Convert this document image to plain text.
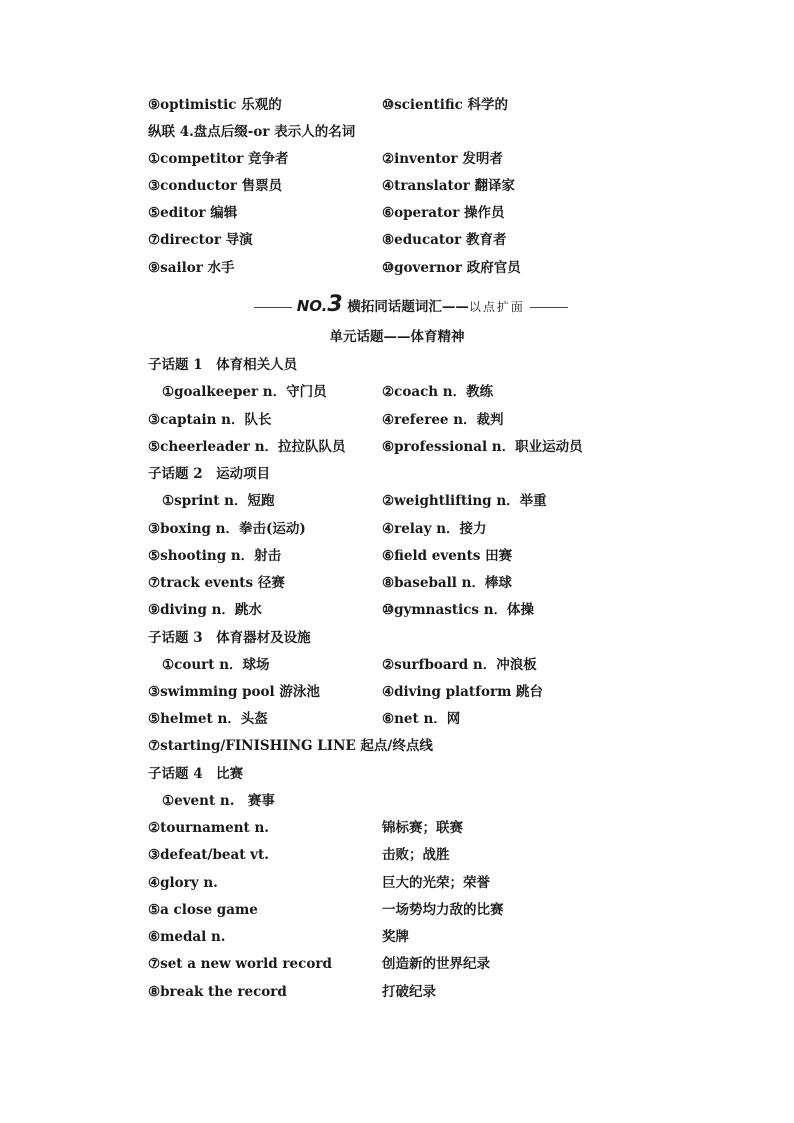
⑨optimistic 乐观的	⑩scientific 科学的
纵联 4.盘点后缀-or 表示人的名词
①competitor 竞争者	②inventor 发明者
③conductor 售票员	④translator 翻译家
⑤editor 编辑	⑥operator 操作员
⑦director 导演	⑧educator 教育者
⑨sailor 水手	⑩governor 政府官员
NO.3 横拓同话题词汇——以点扩面
单元话题——体育精神
子话题 1　体育相关人员
①goalkeeper n．守门员	②coach n．教练
③captain n．队长	④referee n．裁判
⑤cheerleader n．拉拉队队员	⑥professional n．职业运动员
子话题 2　运动项目
①sprint n．短跑	②weightlifting n．举重
③boxing n．拳击(运动)	④relay n．接力
⑤shooting n．射击	⑥field events 田赛
⑦track events 径赛	⑧baseball n．棒球
⑨diving n．跳水	⑩gymnastics n．体操
子话题 3　体育器材及设施
①court n．球场	②surfboard n．冲浪板
③swimming pool 游泳池	④diving platform 跳台
⑤helmet n．头盔	⑥net n．网
⑦starting/FINISHING LINE 起点/终点线
子话题 4　比赛
①event n.　赛事
②tournament n.	锦标赛；联赛
③defeat/beat vt.	击败；战胜
④glory n.	巨大的光荣；荣誉
⑤a close game	一场势均力敌的比赛
⑥medal n.	奖牌
⑦set a new world record	创造新的世界纪录
⑧break the record	打破纪录
